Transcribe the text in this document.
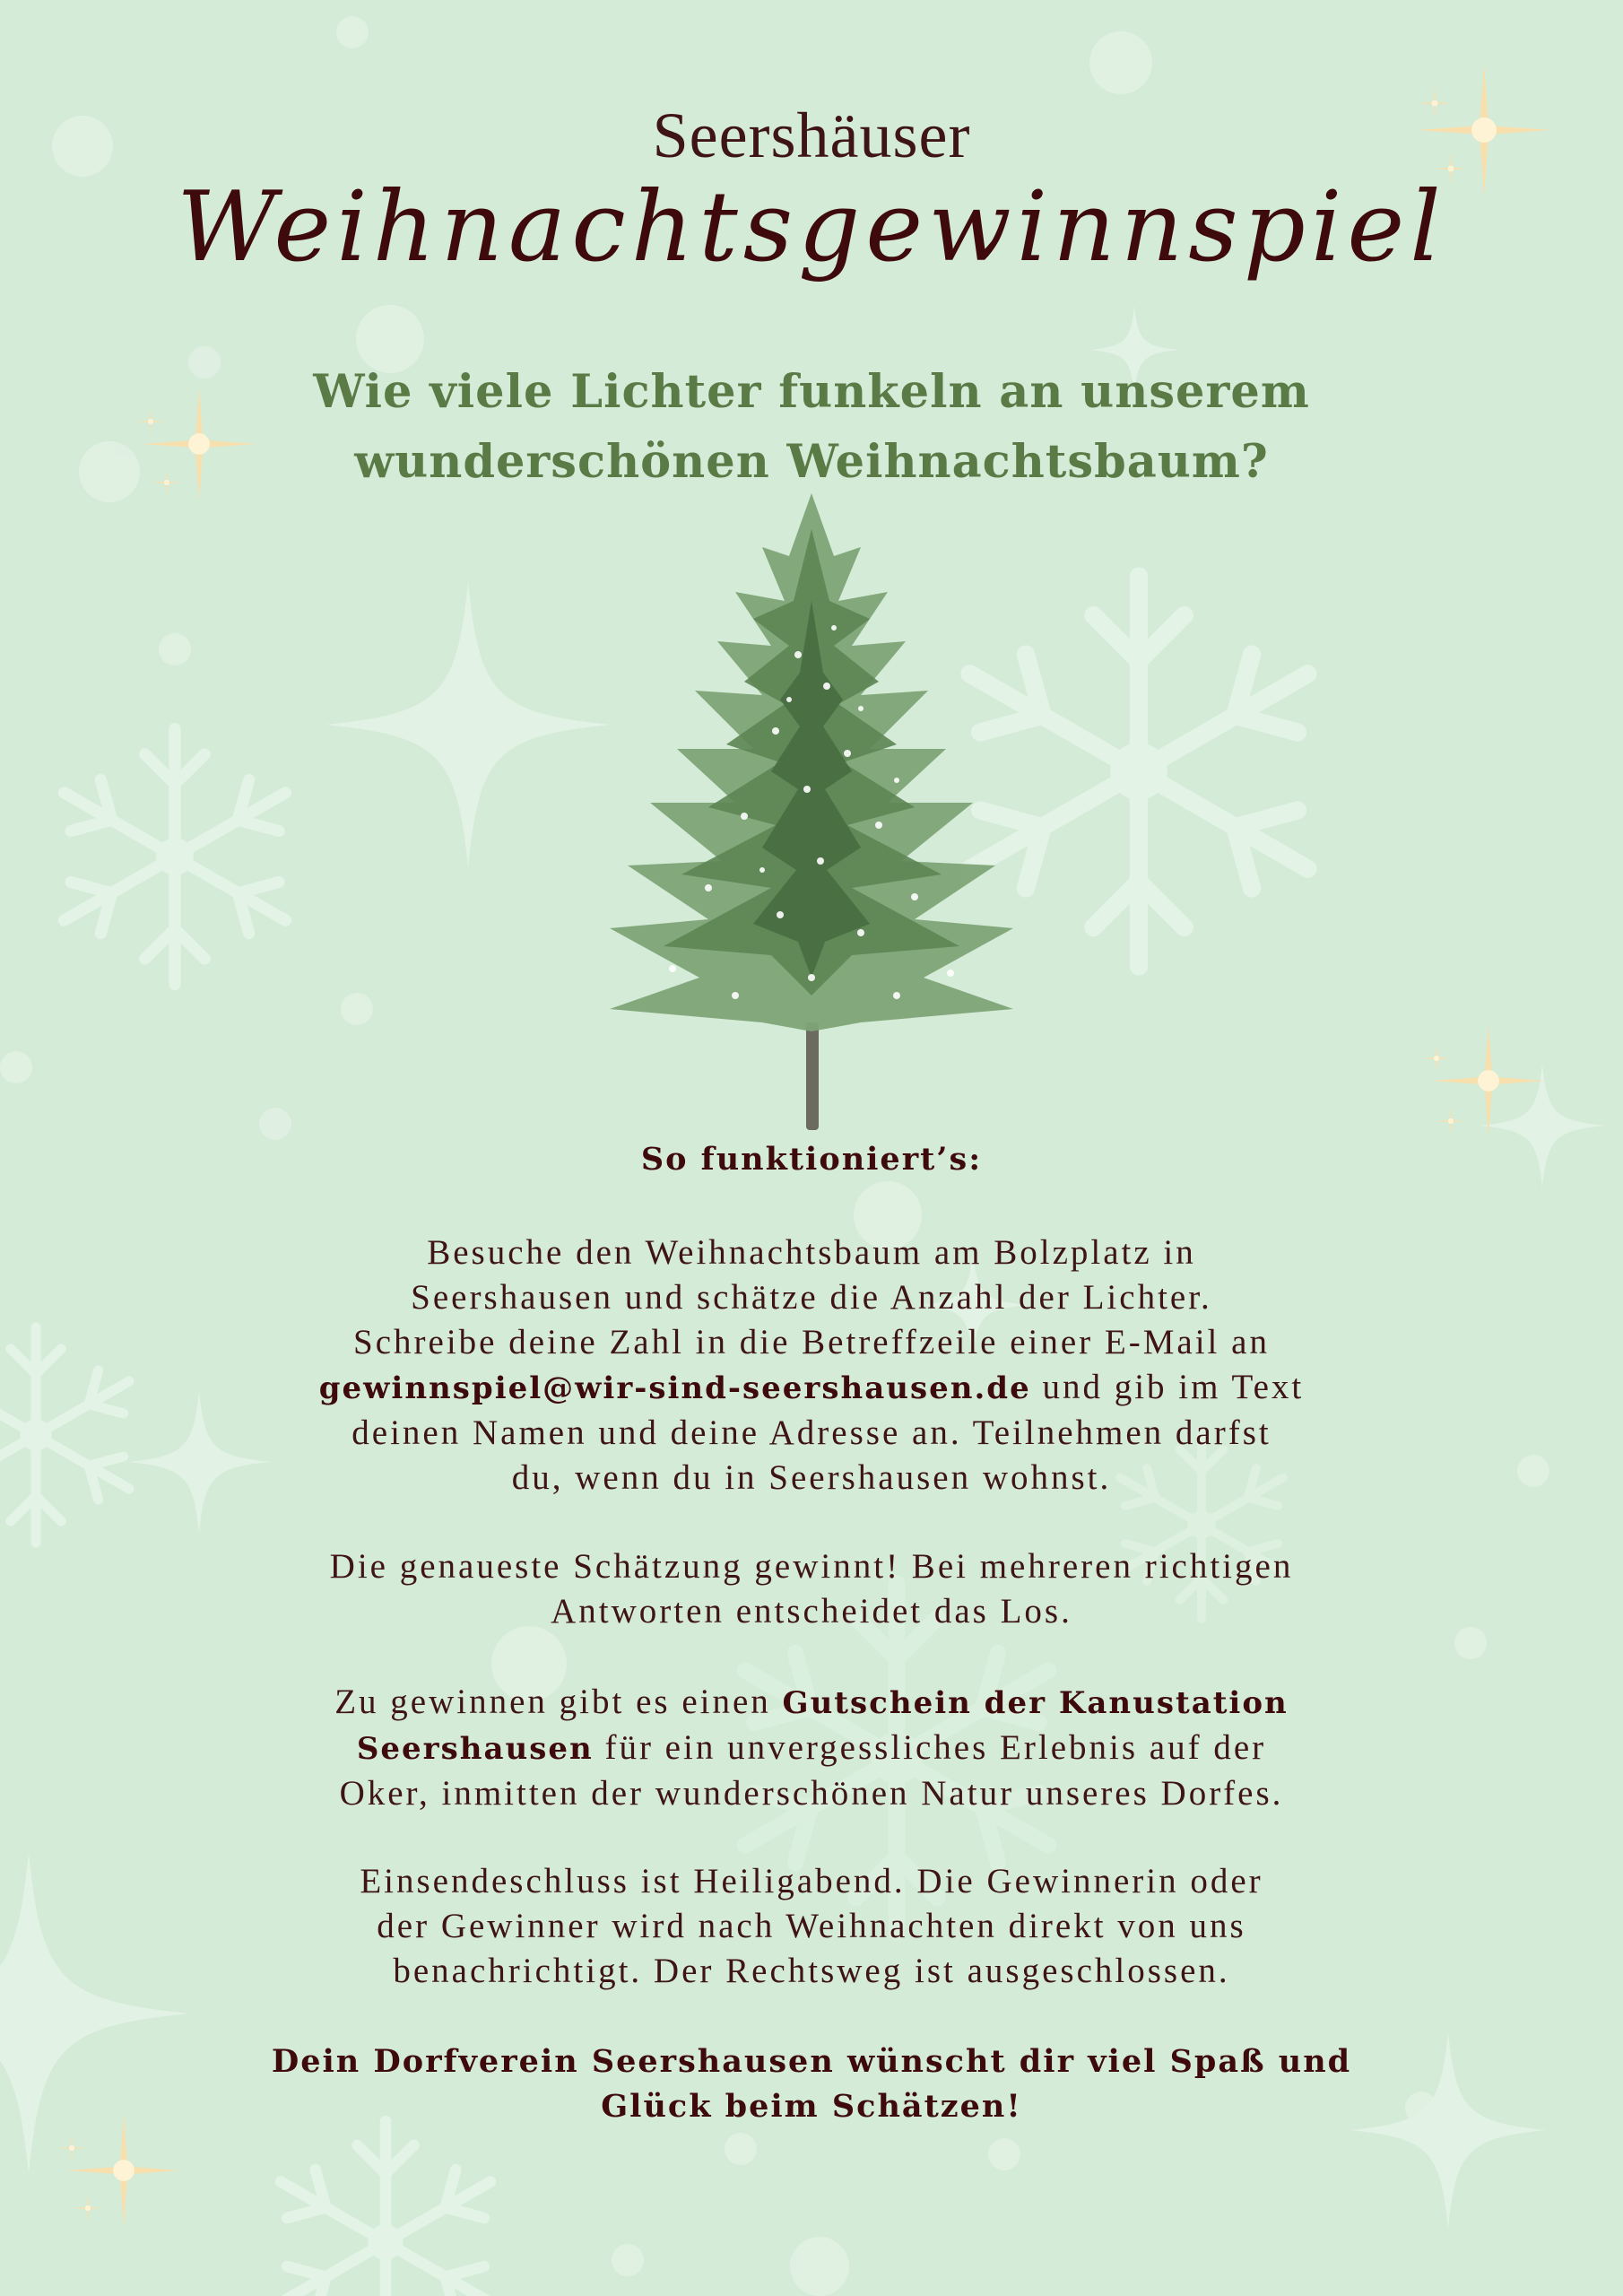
Seershäuser
Weihnachtsgewinnspiel
Wie viele Lichter funkeln an unserem
wunderschönen Weihnachtsbaum?
So funktioniert’s:
Besuche den Weihnachtsbaum am Bolzplatz in
Seershausen und schätze die Anzahl der Lichter.
Schreibe deine Zahl in die Betreffzeile einer E-Mail an
gewinnspiel@wir-sind-seershausen.de und gib im Text
deinen Namen und deine Adresse an. Teilnehmen darfst
du, wenn du in Seershausen wohnst.
Die genaueste Schätzung gewinnt! Bei mehreren richtigen
Antworten entscheidet das Los.
Zu gewinnen gibt es einen Gutschein der Kanustation
Seershausen für ein unvergessliches Erlebnis auf der
Oker, inmitten der wunderschönen Natur unseres Dorfes.
Einsendeschluss ist Heiligabend. Die Gewinnerin oder
der Gewinner wird nach Weihnachten direkt von uns
benachrichtigt. Der Rechtsweg ist ausgeschlossen.
Dein Dorfverein Seershausen wünscht dir viel Spaß und
Glück beim Schätzen!
